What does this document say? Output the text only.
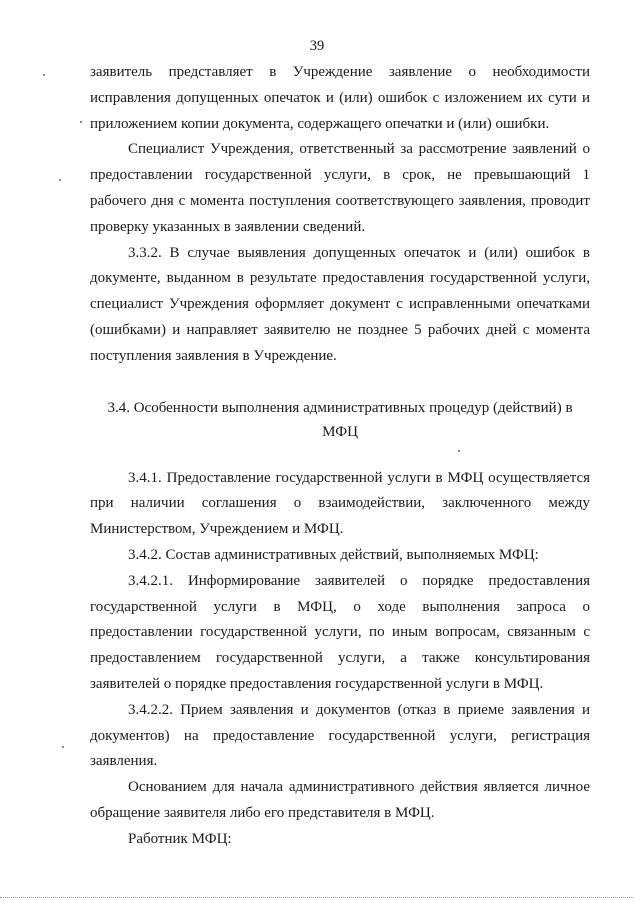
39

заявитель представляет в Учреждение заявление о необходимости исправления допущенных опечаток и (или) ошибок с изложением их сути и приложением копии документа, содержащего опечатки и (или) ошибки.

Специалист Учреждения, ответственный за рассмотрение заявлений о предоставлении государственной услуги, в срок, не превышающий 1 рабочего дня с момента поступления соответствующего заявления, проводит проверку указанных в заявлении сведений.

3.3.2. В случае выявления допущенных опечаток и (или) ошибок в документе, выданном в результате предоставления государственной услуги, специалист Учреждения оформляет документ с исправленными опечатками (ошибками) и направляет заявителю не позднее 5 рабочих дней с момента поступления заявления в Учреждение.

3.4. Особенности выполнения административных процедур (действий) в

МФЦ

3.4.1. Предоставление государственной услуги в МФЦ осуществляется при наличии соглашения о взаимодействии, заключенного между Министерством, Учреждением и МФЦ.

3.4.2. Состав административных действий, выполняемых МФЦ:

3.4.2.1. Информирование заявителей о порядке предоставления государственной услуги в МФЦ, о ходе выполнения запроса о предоставлении государственной услуги, по иным вопросам, связанным с предоставлением государственной услуги, а также консультирования заявителей о порядке предоставления государственной услуги в МФЦ.

3.4.2.2. Прием заявления и документов (отказ в приеме заявления и документов) на предоставление государственной услуги, регистрация заявления.

Основанием для начала административного действия является личное обращение заявителя либо его представителя в МФЦ.

Работник МФЦ:
